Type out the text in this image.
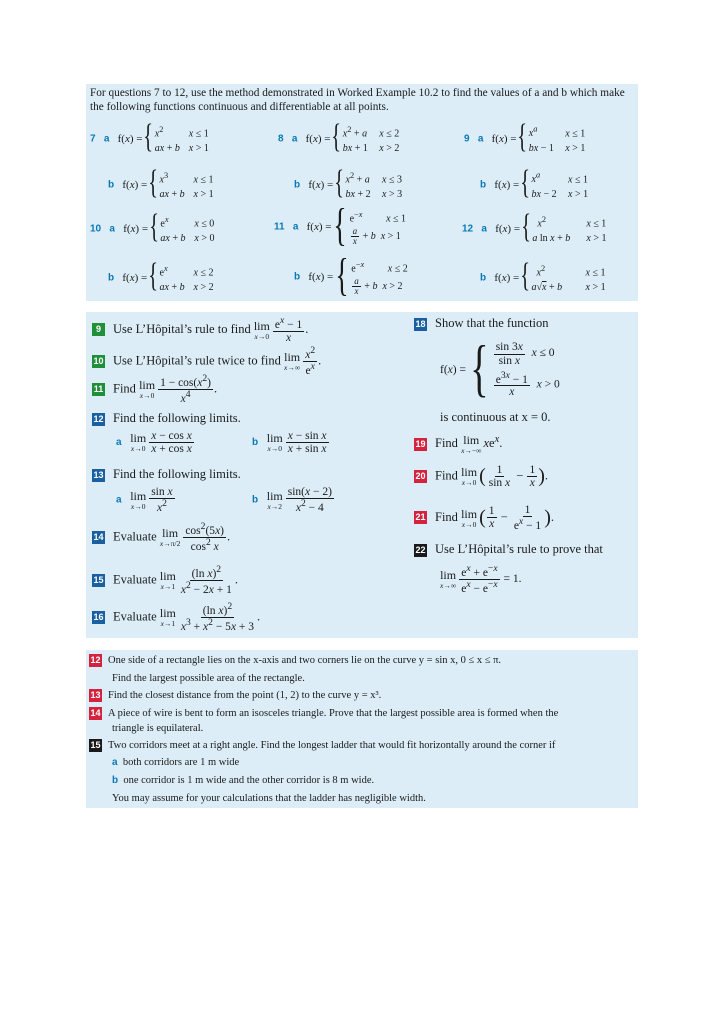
For questions 7 to 12, use the method demonstrated in Worked Example 10.2 to find the values of a and b which make the following functions continuous and differentiable at all points.
7 a f( x ) = { $x^2$	x ≤ 1
ax + b x > 1
8 a f( x ) = { $x^2 + a$ x ≤ 2
bx + 1 x > 2
9 a f( x ) = { $x^a$	x ≤ 1
bx − 1 x > 1
b f( x ) = { $x^3$	x ≤ 1
ax + b x > 1
b f( x ) = { $x^2 + a$ x ≤ 3
bx + 2 x > 3
b f( x ) = { $x^a$	x ≤ 1
bx − 2 x > 1
10 a f( x ) = { $e^x$	x ≤ 0
ax + b x > 0
11 a f( x ) = { $e^{-x}$ x ≤ 1
$\frac{a}{x} + b$ x > 1
12 a f( x ) = { $x^2$	x ≤ 1
a ln x + b x > 1
b f( x ) = { $e^x$	x ≤ 2
ax + b x > 2
b f( x ) = { $e^{-x}$ x ≤ 2
$\frac{a}{x} + b$ x > 2
b f( x ) = { $x^2$	x ≤ 1
a√x + b x > 1
9 Use L’Hôpital’s rule to find lim
$x\to 0 \frac{e^x - 1}{x}$ .
10 Use L’Hôpital’s rule twice to find lim
$x\to\infty \frac{x^2}{e^x}$ .
11 Find lim
$x\to 0 \frac{1 - \cos(x^2)}{x^4}$ .
12 Find the following limits.
a lim
$x\to 0 \frac{\text{x − cos x}}{\text{x + cos x}}$	b lim
$x\to 0 \frac{\text{x − sin x}}{\text{x + sin x}}$
13 Find the following limits.
a lim
$x\to 0 \frac{\text{sin x}}{x^2}$	b lim
$x\to 2 \frac{\sin(x - 2)}{x^2 - 4}$
14 Evaluate lim
$x\to\pi/2 \frac{\cos^2(5x)}{\cos^2 x}$ .
15 Evaluate lim
$x\to 1 \frac{(\ln x)^2}{x^2 - 2x + 1}$ .
16 Evaluate lim
$x\to 1 \frac{(\ln x)^2}{x^3 + x^2 - 5x + 3}$ .
18 Show that the function
f( x ) = { $\frac{\sin 3x}{\text{sin x}}$ x ≤ 0
$\frac{e^{3x} - 1}{x}$ x > 0
is continuous at x = 0.
19 Find lim
x→−∞
$xe^x$.
20 Find lim
x→0 ( $\frac{1}{\text{sin x}} - \frac{1}{x}$ ).
21 Find lim
x→0 ( $\frac{1}{x} - \frac{1}{e^x - 1}$ ).
22 Use L’Hôpital’s rule to prove that
lim
$x\to\infty \frac{e^x + e^{-x}}{e^x - e^{-x}} = 1$.
12 One side of a rectangle lies on the x-axis and two corners lie on the curve y = sin x, 0 ≤ x ≤ π.
Find the largest possible area of the rectangle.
13 Find the closest distance from the point (1, 2) to the curve y = x³.
14 A piece of wire is bent to form an isosceles triangle. Prove that the largest possible area is formed when the
triangle is equilateral.
15 Two corridors meet at a right angle. Find the longest ladder that would fit horizontally around the corner if
a both corridors are 1 m wide
b one corridor is 1 m wide and the other corridor is 8 m wide.
You may assume for your calculations that the ladder has negligible width.
